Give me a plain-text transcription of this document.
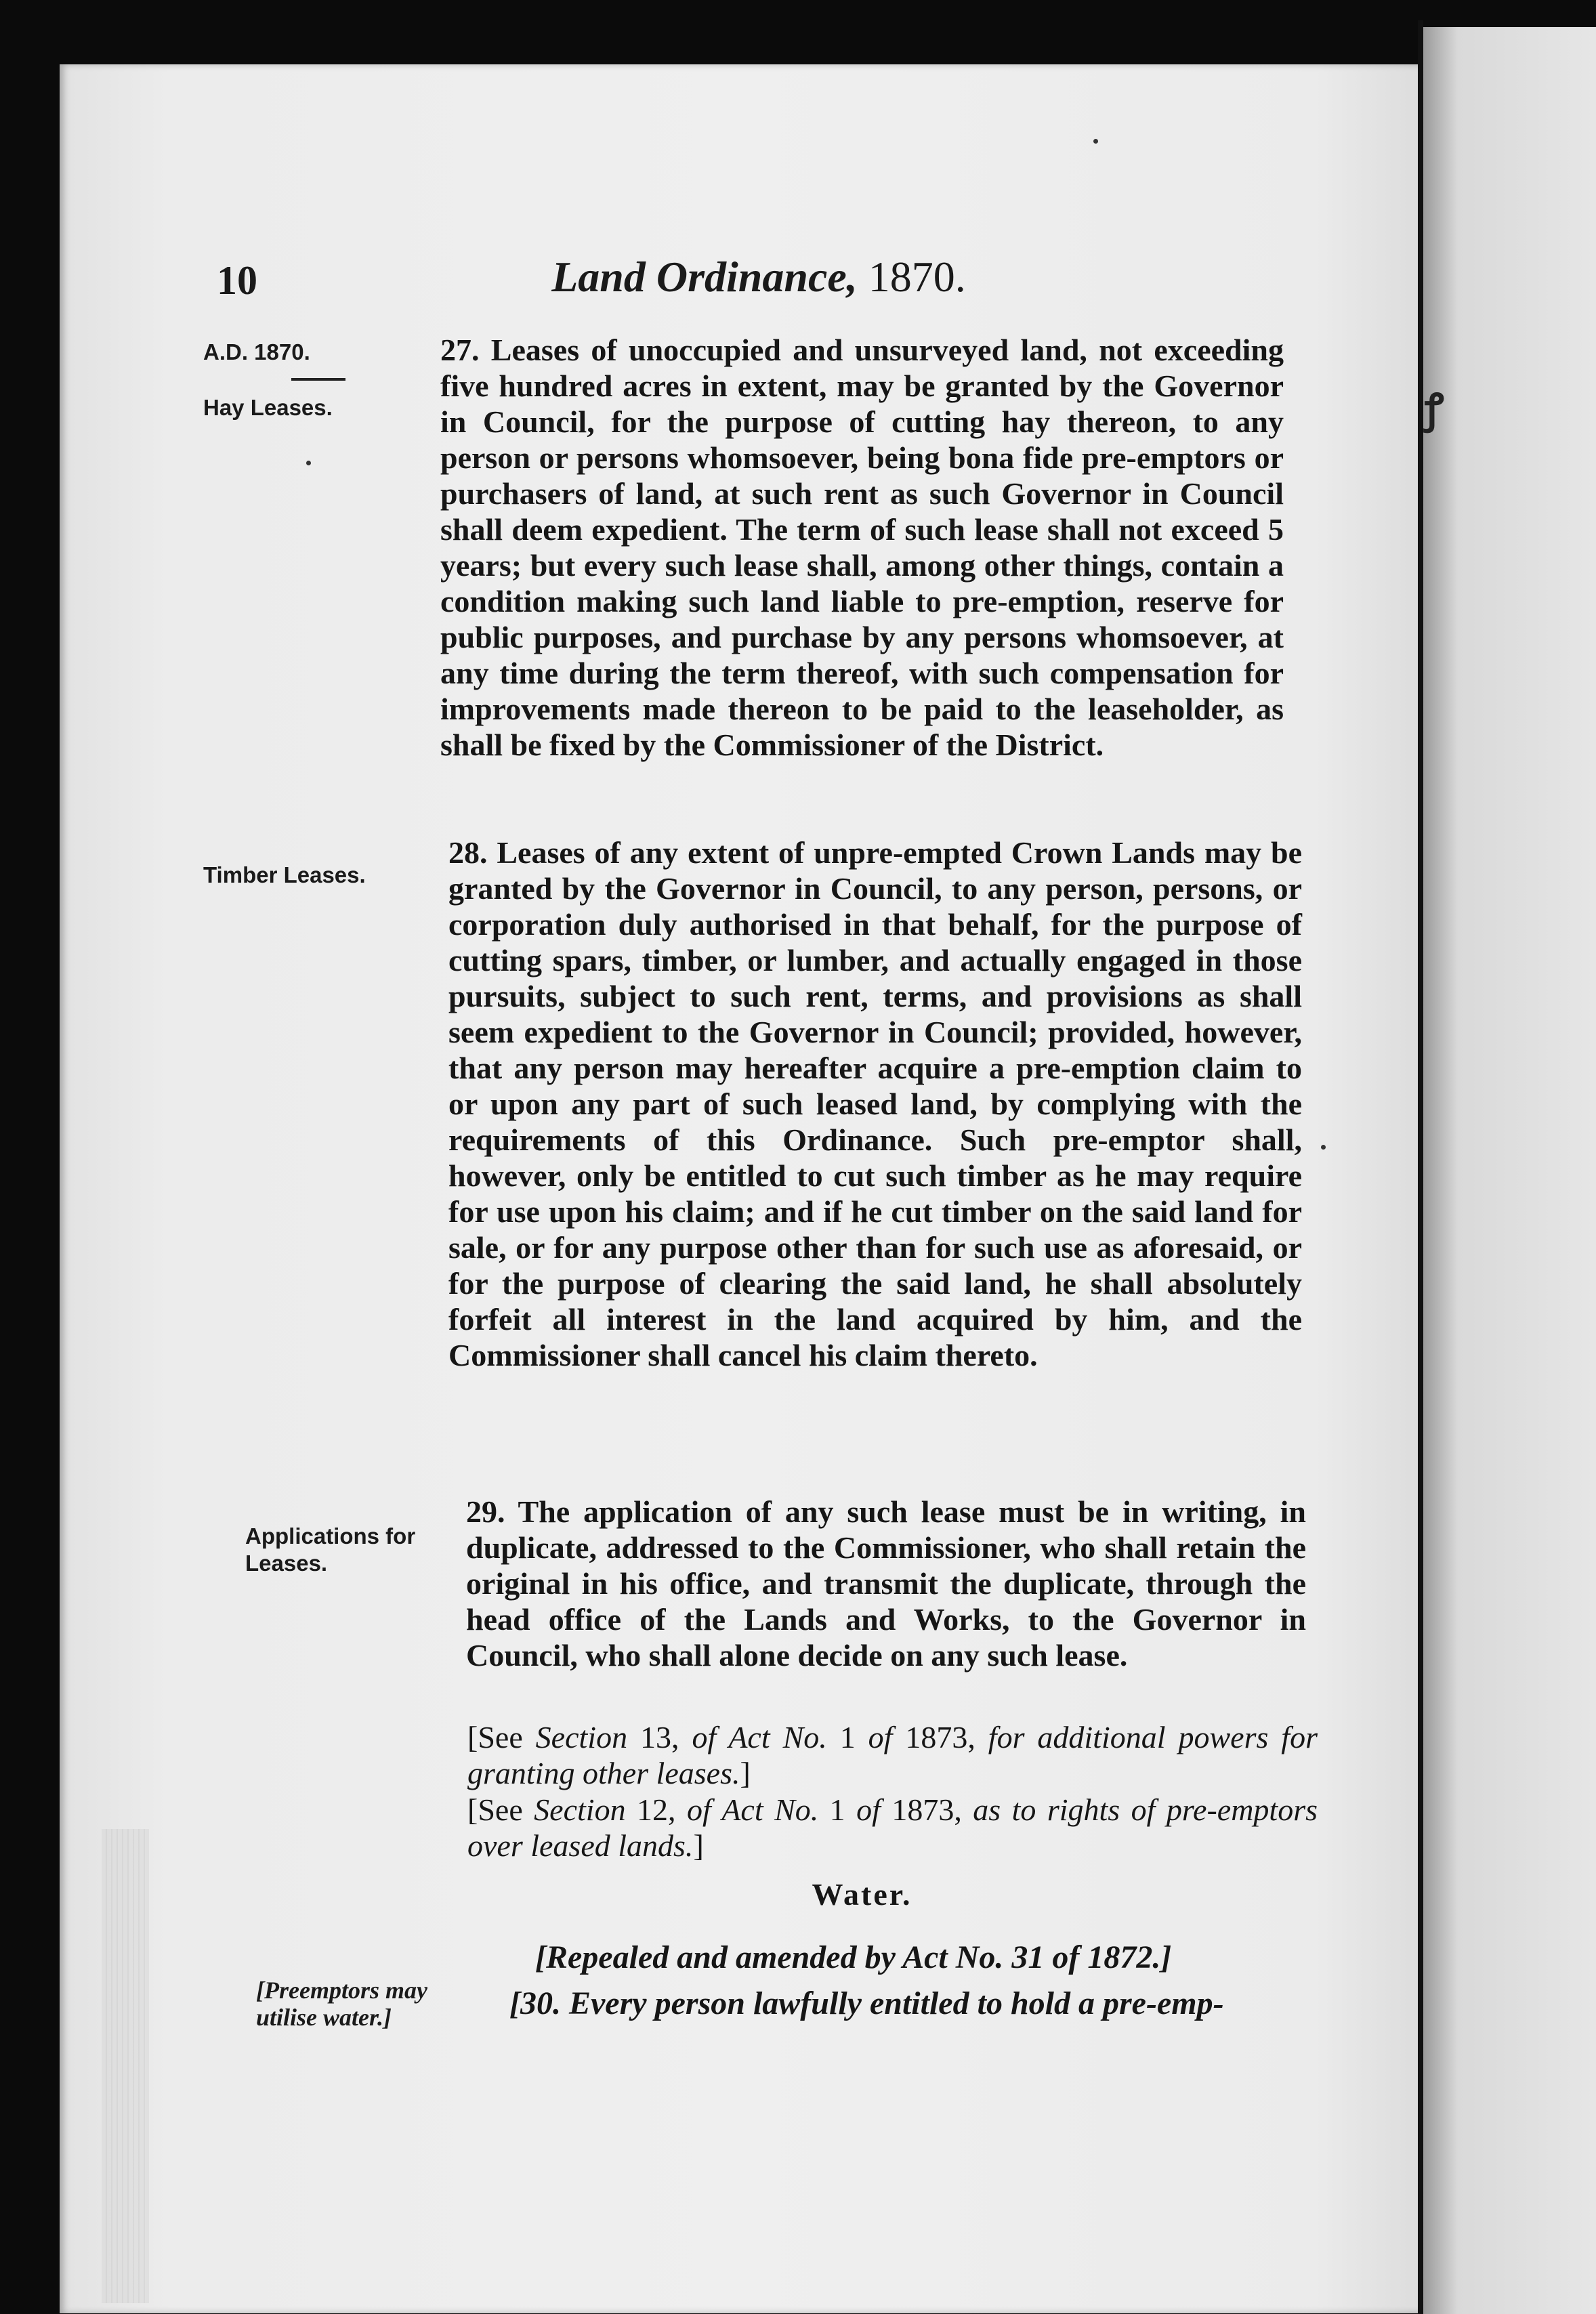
ꝭ
10	Land Ordinance, 1870.
A.D. 1870.
Hay Leases.
Timber Leases.
Applications for Leases.
[Preemptors may utilise water.]
27. Leases of unoccupied and unsurveyed land, not exceeding five hundred acres in extent, may be granted by the Governor in Council, for the purpose of cutting hay thereon, to any person or persons whomsoever, being bona fide pre-emptors or purchasers of land, at such rent as such Governor in Council shall deem expedient. The term of such lease shall not exceed 5 years; but every such lease shall, among other things, contain a condition making such land liable to pre-emption, reserve for public purposes, and purchase by any persons whomsoever, at any time during the term thereof, with such compensation for improvements made thereon to be paid to the leaseholder, as shall be fixed by the Commissioner of the District.
28. Leases of any extent of unpre-empted Crown Lands may be granted by the Governor in Council, to any person, persons, or corporation duly authorised in that behalf, for the purpose of cutting spars, timber, or lumber, and actually engaged in those pursuits, subject to such rent, terms, and provisions as shall seem expedient to the Governor in Council; provided, however, that any person may hereafter acquire a pre-emption claim to or upon any part of such leased land, by complying with the requirements of this Ordinance. Such pre-emptor shall, however, only be entitled to cut such timber as he may require for use upon his claim; and if he cut timber on the said land for sale, or for any purpose other than for such use as aforesaid, or for the purpose of clearing the said land, he shall absolutely forfeit all interest in the land acquired by him, and the Commissioner shall cancel his claim thereto.
29. The application of any such lease must be in writing, in duplicate, addressed to the Commissioner, who shall retain the original in his office, and transmit the duplicate, through the head office of the Lands and Works, to the Governor in Council, who shall alone decide on any such lease.
[See Section 13, of Act No. 1 of 1873, for additional powers for granting other leases.]
[See Section 12, of Act No. 1 of 1873, as to rights of pre-emptors over leased lands.]
Water.
[Repealed and amended by Act No. 31 of 1872.]
[30. Every person lawfully entitled to hold a pre-emp-
